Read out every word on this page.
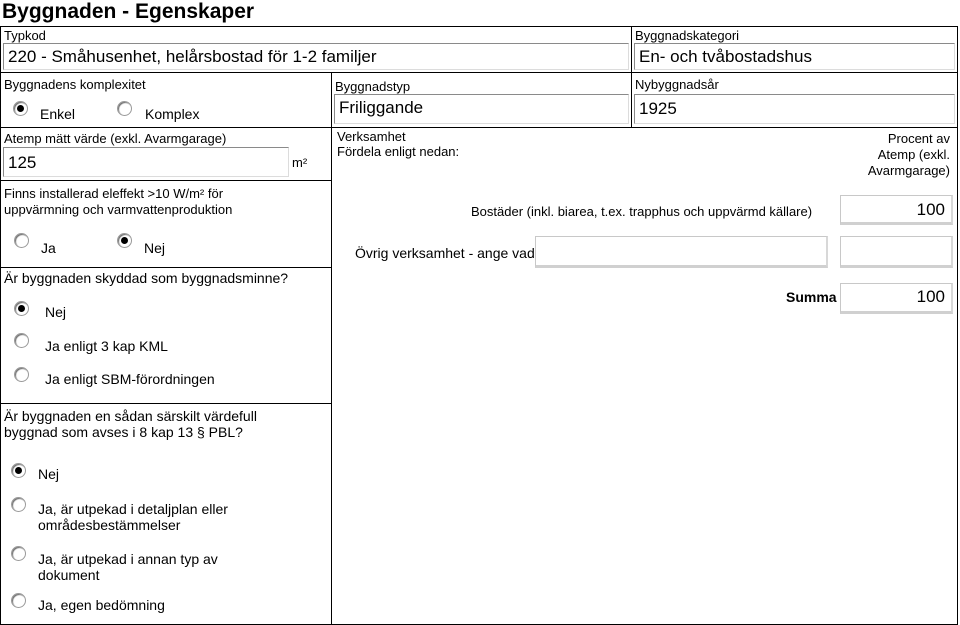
Byggnaden - Egenskaper
Typkod
220 - Småhusenhet, helårsbostad för 1-2 familjer
Byggnadskategori
En- och tvåbostadshus
Byggnadens komplexitet
Enkel	Komplex
Byggnadstyp
Friliggande
Nybyggnadsår
1925
Atemp mätt värde (exkl. Avarmgarage)
125	m²
Verksamhet
Fördela enligt nedan:
Procent av
Atemp (exkl.
Avarmgarage)
Bostäder (inkl. biarea, t.ex. trapphus och uppvärmd källare)	100
Övrig verksamhet - ange vad
Summa	100
Finns installerad eleffekt >10 W/m² för
uppvärmning och varmvattenproduktion
Ja	Nej
Är byggnaden skyddad som byggnadsminne?
Nej
Ja enligt 3 kap KML
Ja enligt SBM-förordningen
Är byggnaden en sådan särskilt värdefull
byggnad som avses i 8 kap 13 § PBL?
Nej
Ja, är utpekad i detaljplan eller
områdesbestämmelser
Ja, är utpekad i annan typ av
dokument
Ja, egen bedömning
